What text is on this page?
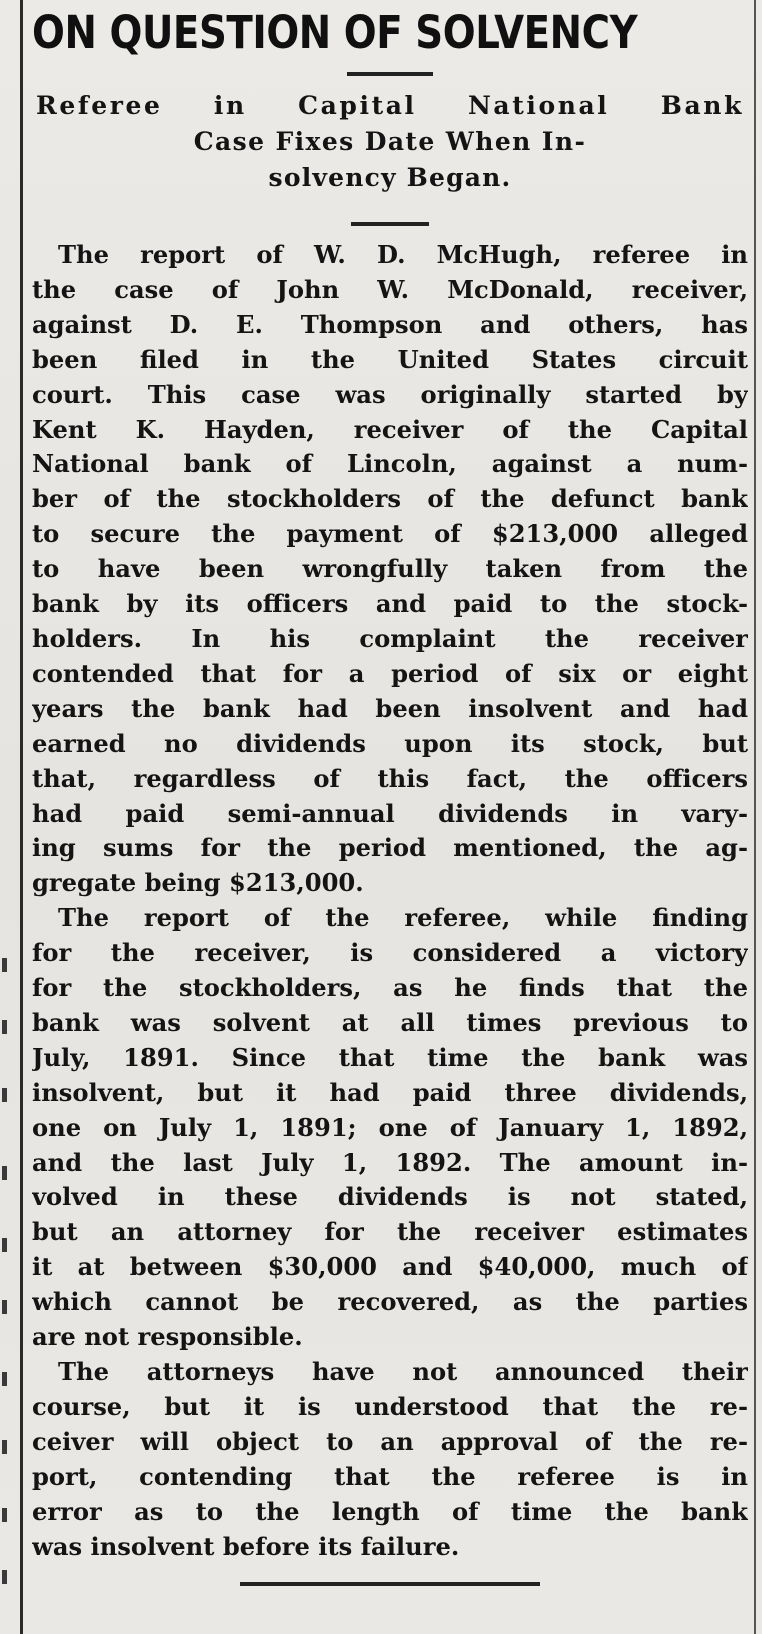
ON QUESTION OF SOLVENCY
Referee in Capital National Bank
Case Fixes Date When In-
solvency Began.
The report of W. D. McHugh, referee in
the case of John W. McDonald, receiver,
against D. E. Thompson and others, has
been filed in the United States circuit
court. This case was originally started by
Kent K. Hayden, receiver of the Capital
National bank of Lincoln, against a num-
ber of the stockholders of the defunct bank
to secure the payment of $213,000 alleged
to have been wrongfully taken from the
bank by its officers and paid to the stock-
holders. In his complaint the receiver
contended that for a period of six or eight
years the bank had been insolvent and had
earned no dividends upon its stock, but
that, regardless of this fact, the officers
had paid semi-annual dividends in vary-
ing sums for the period mentioned, the ag-
gregate being $213,000.
The report of the referee, while finding
for the receiver, is considered a victory
for the stockholders, as he finds that the
bank was solvent at all times previous to
July, 1891. Since that time the bank was
insolvent, but it had paid three dividends,
one on July 1, 1891; one of January 1, 1892,
and the last July 1, 1892. The amount in-
volved in these dividends is not stated,
but an attorney for the receiver estimates
it at between $30,000 and $40,000, much of
which cannot be recovered, as the parties
are not responsible.
The attorneys have not announced their
course, but it is understood that the re-
ceiver will object to an approval of the re-
port, contending that the referee is in
error as to the length of time the bank
was insolvent before its failure.
